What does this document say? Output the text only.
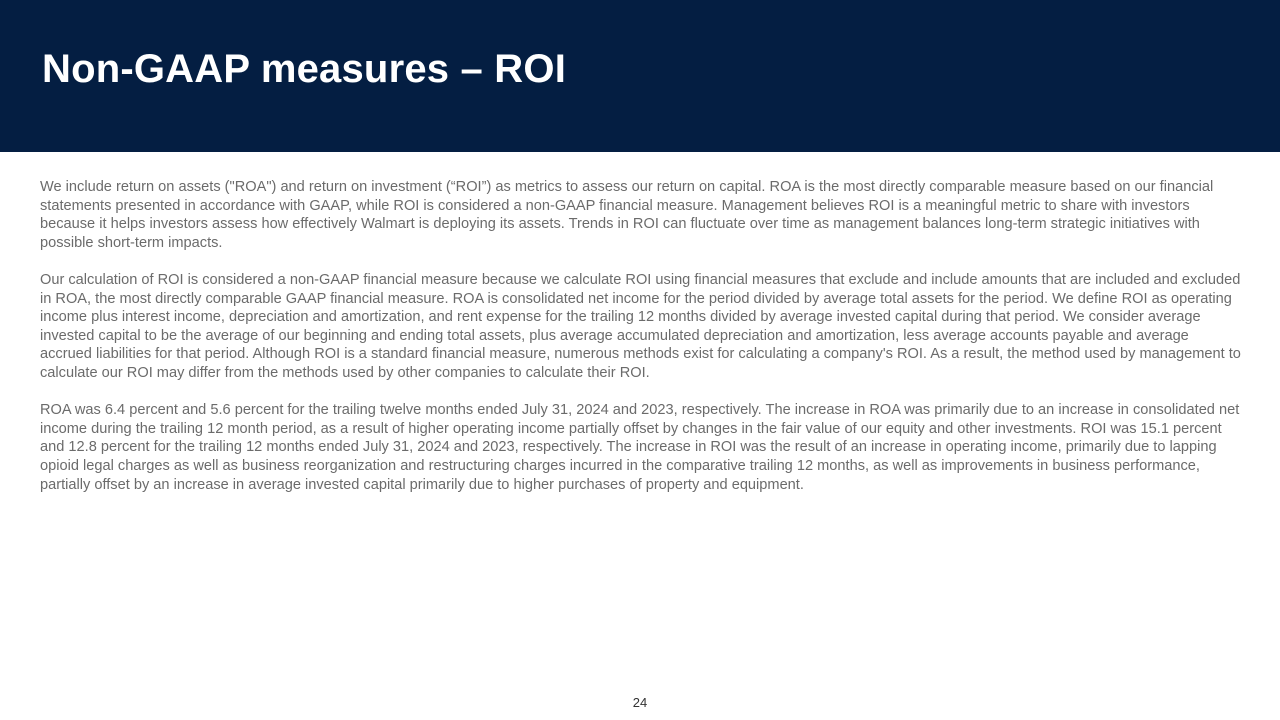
Non-GAAP measures – ROI

We include return on assets ("ROA") and return on investment (“ROI”) as metrics to assess our return on capital. ROA is the most directly comparable measure based on our financial statements presented in accordance with GAAP, while ROI is considered a non-GAAP financial measure. Management believes ROI is a meaningful metric to share with investors because it helps investors assess how effectively Walmart is deploying its assets. Trends in ROI can fluctuate over time as management balances long-term strategic initiatives with possible short-term impacts.

Our calculation of ROI is considered a non-GAAP financial measure because we calculate ROI using financial measures that exclude and include amounts that are included and excluded in ROA, the most directly comparable GAAP financial measure. ROA is consolidated net income for the period divided by average total assets for the period. We define ROI as operating income plus interest income, depreciation and amortization, and rent expense for the trailing 12 months divided by average invested capital during that period. We consider average invested capital to be the average of our beginning and ending total assets, plus average accumulated depreciation and amortization, less average accounts payable and average accrued liabilities for that period. Although ROI is a standard financial measure, numerous methods exist for calculating a company's ROI. As a result, the method used by management to calculate our ROI may differ from the methods used by other companies to calculate their ROI.

ROA was 6.4 percent and 5.6 percent for the trailing twelve months ended July 31, 2024 and 2023, respectively. The increase in ROA was primarily due to an increase in consolidated net income during the trailing 12 month period, as a result of higher operating income partially offset by changes in the fair value of our equity and other investments. ROI was 15.1 percent and 12.8 percent for the trailing 12 months ended July 31, 2024 and 2023, respectively. The increase in ROI was the result of an increase in operating income, primarily due to lapping opioid legal charges as well as business reorganization and restructuring charges incurred in the comparative trailing 12 months, as well as improvements in business performance, partially offset by an increase in average invested capital primarily due to higher purchases of property and equipment.

24
